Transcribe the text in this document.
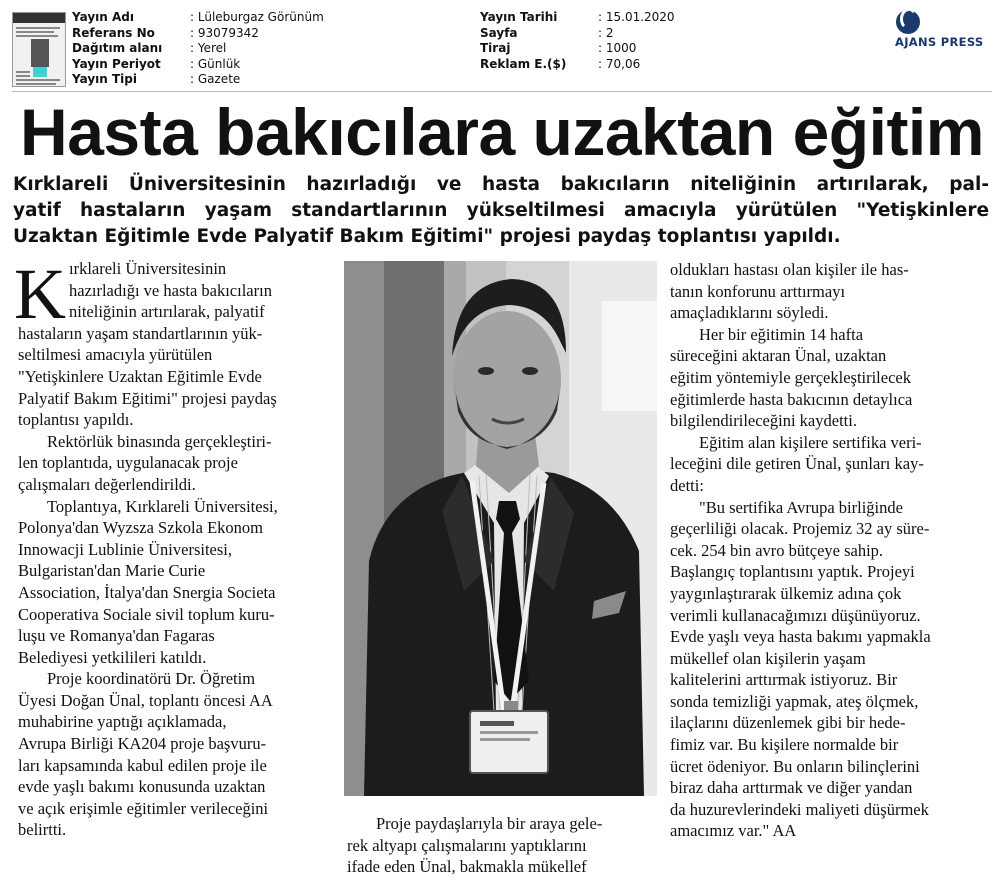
Yayın Adı	: Lüleburgaz Görünüm
Referans No	: 93079342
Dağıtım alanı : Yerel
Yayın Periyot : Günlük
Yayın Tipi	: Gazete
Yayın Tarihi	: 15.01.2020
Sayfa	: 2
Tiraj	: 1000
Reklam E.($)	: 70,06
AJANS PRESS
Hasta bakıcılara uzaktan eğitim

Kırklareli Üniversitesinin hazırladığı ve hasta bakıcıların niteliğinin artırılarak, pal-
yatif hastaların yaşam standartlarının yükseltilmesi amacıyla yürütülen "Yetişkinlere
Uzaktan Eğitimle Evde Palyatif Bakım Eğitimi" projesi paydaş toplantısı yapıldı.

K ırklareli Üniversitesinin
hazırladığı ve hasta bakıcıların
niteliğinin artırılarak, palyatif
hastaların yaşam standartlarının yük-
seltilmesi amacıyla yürütülen
"Yetişkinlere Uzaktan Eğitimle Evde
Palyatif Bakım Eğitimi" projesi paydaş
toplantısı yapıldı.
Rektörlük binasında gerçekleştiri-
len toplantıda, uygulanacak proje
çalışmaları değerlendirildi.
Toplantıya, Kırklareli Üniversitesi,
Polonya'dan Wyzsza Szkola Ekonom
Innowacji Lublinie Üniversitesi,
Bulgaristan'dan Marie Curie
Association, İtalya'dan Snergia Societa
Cooperativa Sociale sivil toplum kuru-
luşu ve Romanya'dan Fagaras
Belediyesi yetkilileri katıldı.
Proje koordinatörü Dr. Öğretim
Üyesi Doğan Ünal, toplantı öncesi AA
muhabirine yaptığı açıklamada,
Avrupa Birliği KA204 proje başvuru-
ları kapsamında kabul edilen proje ile
evde yaşlı bakımı konusunda uzaktan
ve açık erişimle eğitimler verileceğini
belirtti.	Proje paydaşlarıyla bir araya gele-
rek altyapı çalışmalarını yaptıklarını
ifade eden Ünal, bakmakla mükellef
oldukları hastası olan kişiler ile has-
tanın konforunu arttırmayı
amaçladıklarını söyledi.
Her bir eğitimin 14 hafta
süreceğini aktaran Ünal, uzaktan
eğitim yöntemiyle gerçekleştirilecek
eğitimlerde hasta bakıcının detaylıca
bilgilendirileceğini kaydetti.
Eğitim alan kişilere sertifika veri-
leceğini dile getiren Ünal, şunları kay-
detti:
"Bu sertifika Avrupa birliğinde
geçerliliği olacak. Projemiz 32 ay süre-
cek. 254 bin avro bütçeye sahip.
Başlangıç toplantısını yaptık. Projeyi
yaygınlaştırarak ülkemiz adına çok
verimli kullanacağımızı düşünüyoruz.
Evde yaşlı veya hasta bakımı yapmakla
mükellef olan kişilerin yaşam
kalitelerini arttırmak istiyoruz. Bir
sonda temizliği yapmak, ateş ölçmek,
ilaçlarını düzenlemek gibi bir hede-
fimiz var. Bu kişilere normalde bir
ücret ödeniyor. Bu onların bilinçlerini
biraz daha arttırmak ve diğer yandan
da huzurevlerindeki maliyeti düşürmek
amacımız var." AA
